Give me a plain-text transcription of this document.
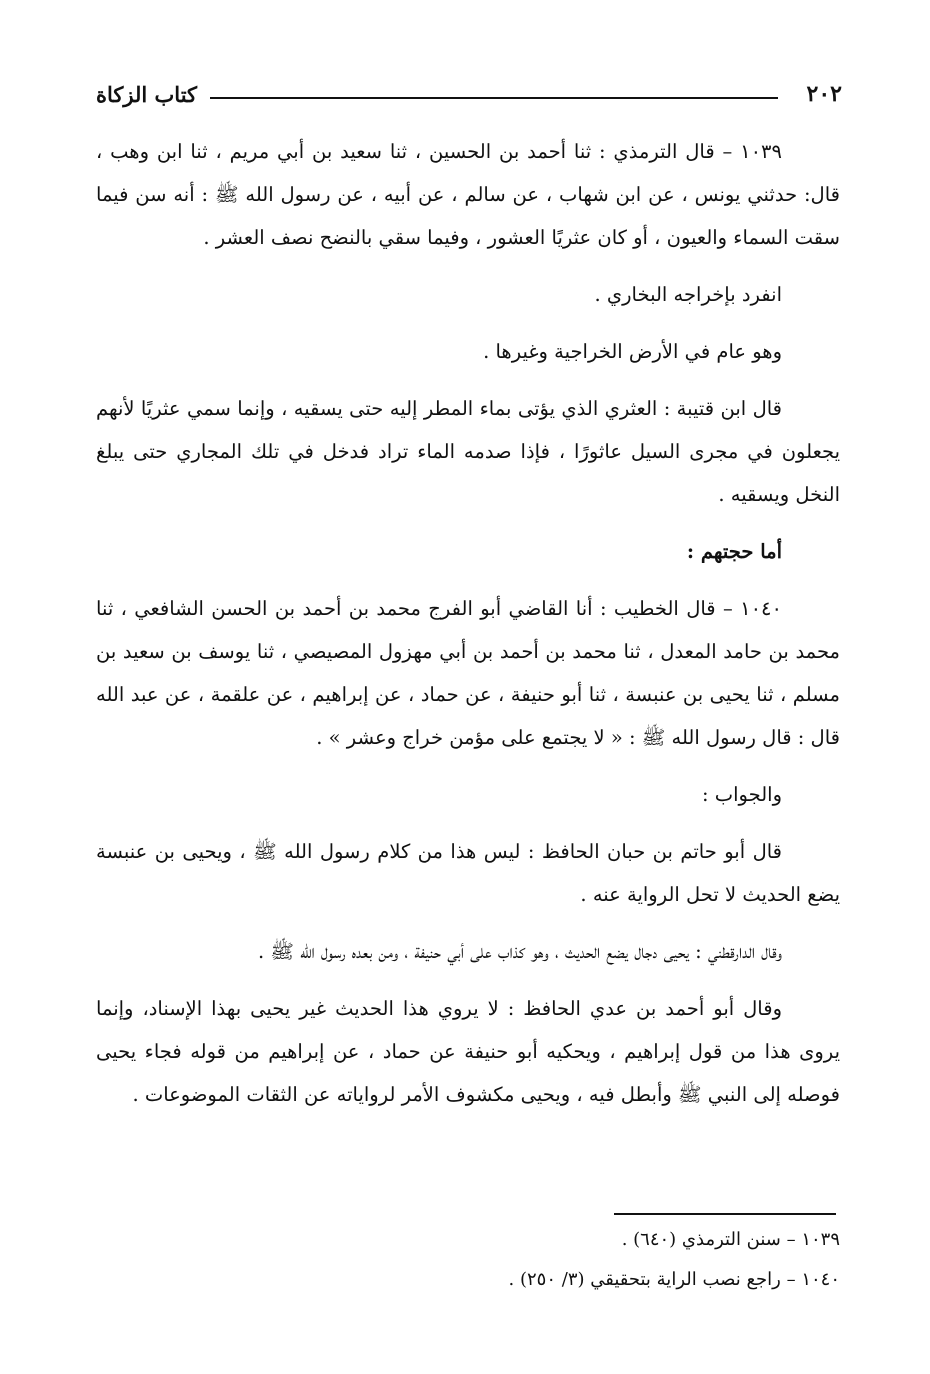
كتاب الزكاة	٢٠٢

١٠٣٩ – قال الترمذي : ثنا أحمد بن الحسين ، ثنا سعيد بن أبي مريم ، ثنا ابن وهب ، قال: حدثني يونس ، عن ابن شهاب ، عن سالم ، عن أبيه ، عن رسول الله ﷺ : أنه سن فيما سقت السماء والعيون ، أو كان عثريًا العشور ، وفيما سقي بالنضح نصف العشر .

انفرد بإخراجه البخاري .

وهو عام في الأرض الخراجية وغيرها .

قال ابن قتيبة : العثري الذي يؤتى بماء المطر إليه حتى يسقيه ، وإنما سمي عثريًا لأنهم يجعلون في مجرى السيل عاثورًا ، فإذا صدمه الماء تراد فدخل في تلك المجاري حتى يبلغ النخل ويسقيه .

أما حجتهم :

١٠٤٠ – قال الخطيب : أنا القاضي أبو الفرج محمد بن أحمد بن الحسن الشافعي ، ثنا محمد بن حامد المعدل ، ثنا محمد بن أحمد بن أبي مهزول المصيصي ، ثنا يوسف بن سعيد بن مسلم ، ثنا يحيى بن عنبسة ، ثنا أبو حنيفة ، عن حماد ، عن إبراهيم ، عن علقمة ، عن عبد الله قال : قال رسول الله ﷺ : « لا يجتمع على مؤمن خراج وعشر » .

والجواب :

قال أبو حاتم بن حبان الحافظ : ليس هذا من كلام رسول الله ﷺ ، ويحيى بن عنبسة يضع الحديث لا تحل الرواية عنه .

وقال الدارقطني : يحيى دجال يضع الحديث ، وهو كذاب على أبي حنيفة ، ومن بعده رسول الله ﷺ .

وقال أبو أحمد بن عدي الحافظ : لا يروي هذا الحديث غير يحيى بهذا الإسناد، وإنما يروى هذا من قول إبراهيم ، ويحكيه أبو حنيفة عن حماد ، عن إبراهيم من قوله فجاء يحيى فوصله إلى النبي ﷺ وأبطل فيه ، ويحيى مكشوف الأمر لرواياته عن الثقات الموضوعات .

١٠٣٩ – سنن الترمذي (٦٤٠) .
١٠٤٠ – راجع نصب الراية بتحقيقي (٣/ ٢٥٠) .
